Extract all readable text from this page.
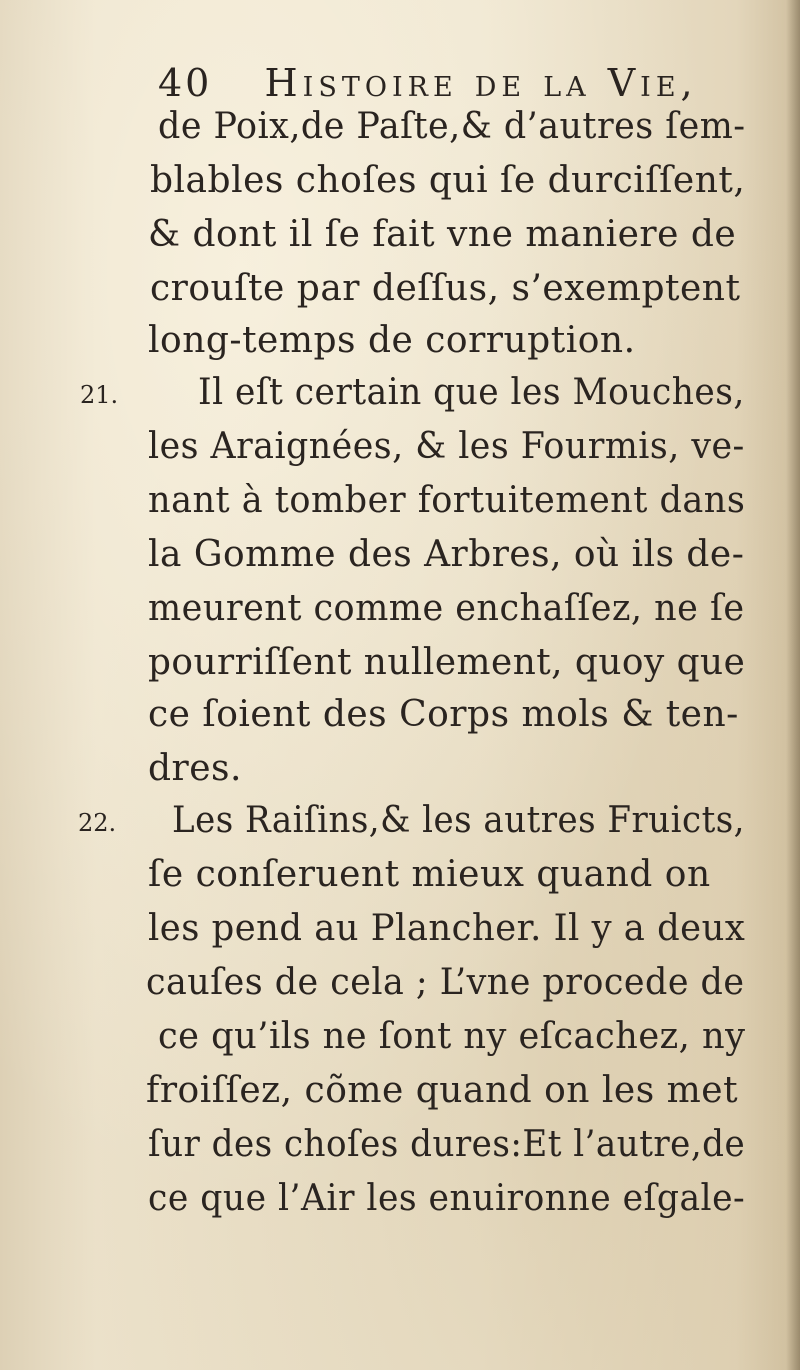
40 Histoire de la Vie,
de Poix,de Paſte,& d’autres ſem-
blables choſes qui ſe durciſſent,
& dont il ſe fait vne maniere de
crouſte par deſſus, s’exemptent
long-temps de corruption.
21. Il eſt certain que les Mouches,
les Araignées, & les Fourmis, ve-
nant à tomber fortuitement dans
la Gomme des Arbres, où ils de-
meurent comme enchaſſez, ne ſe
pourriſſent nullement, quoy que
ce ſoient des Corps mols & ten-
dres.
22. Les Raiſins,& les autres Fruicts,
ſe conſeruent mieux quand on
les pend au Plancher. Il y a deux
cauſes de cela ; L’vne procede de
ce qu’ils ne ſont ny eſcachez, ny
froiſſez, cõme quand on les met
ſur des choſes dures:Et l’autre,de
ce que l’Air les enuironne eſgale-
